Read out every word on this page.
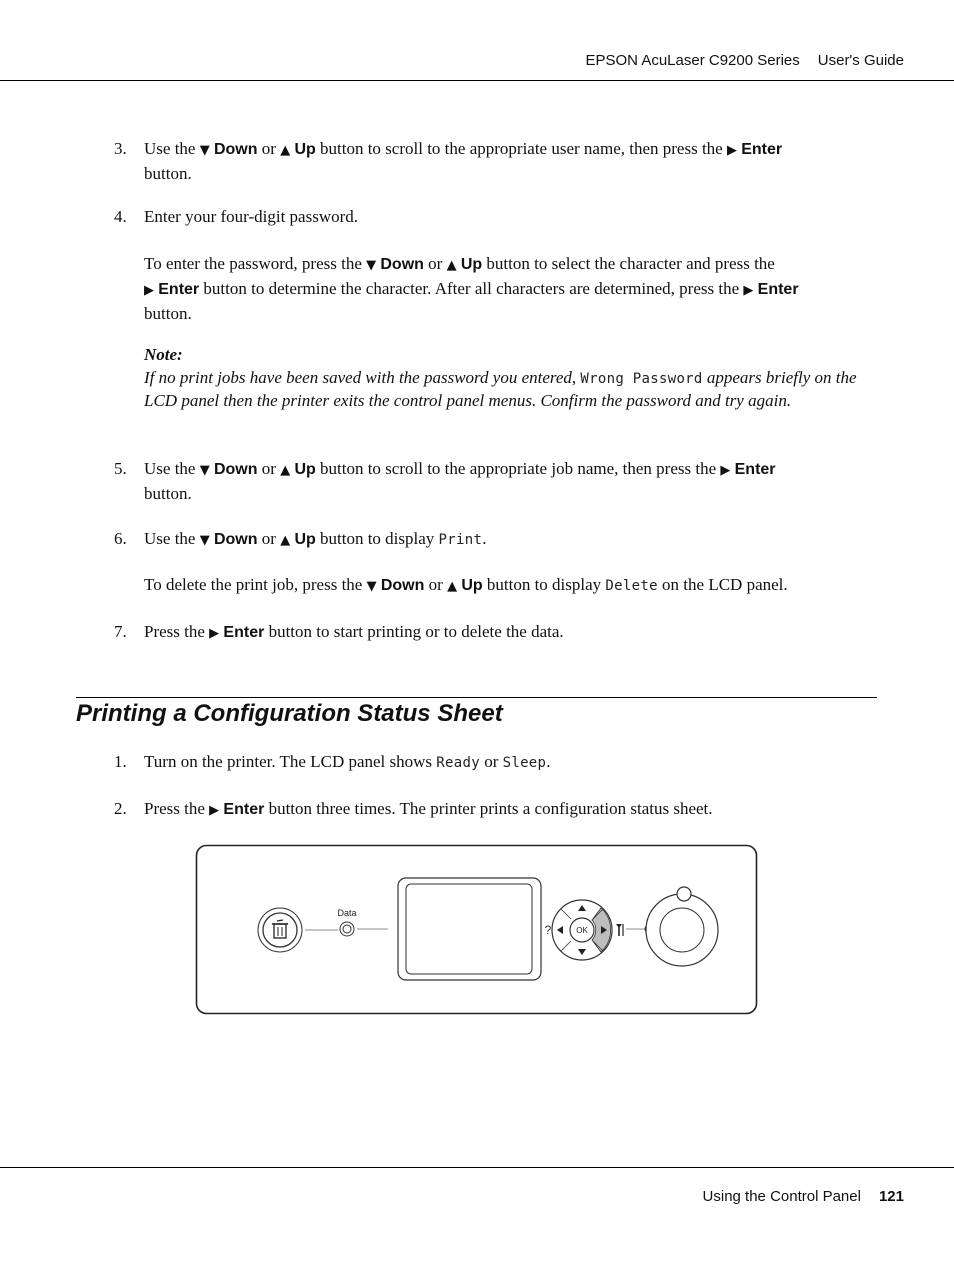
EPSON AcuLaser C9200 Series User's Guide
3. Use the ▼ Down or ▲ Up button to scroll to the appropriate user name, then press the ▶ Enter
button.
4. Enter your four-digit password.
To enter the password, press the ▼ Down or ▲ Up button to select the character and press the
▶ Enter button to determine the character. After all characters are determined, press the ▶ Enter
button.
Note:
If no print jobs have been saved with the password you entered, Wrong Password appears briefly on the LCD panel then the printer exits the control panel menus. Confirm the password and try again.
5. Use the ▼ Down or ▲ Up button to scroll to the appropriate job name, then press the ▶ Enter
button.
6. Use the ▼ Down or ▲ Up button to display Print.
To delete the print job, press the ▼ Down or ▲ Up button to display Delete on the LCD panel.
7. Press the ▶ Enter button to start printing or to delete the data.
Printing a Configuration Status Sheet
1. Turn on the printer. The LCD panel shows Ready or Sleep.
2. Press the ▶ Enter button three times. The printer prints a configuration status sheet.
Data
?	OK
Using the Control Panel 121
